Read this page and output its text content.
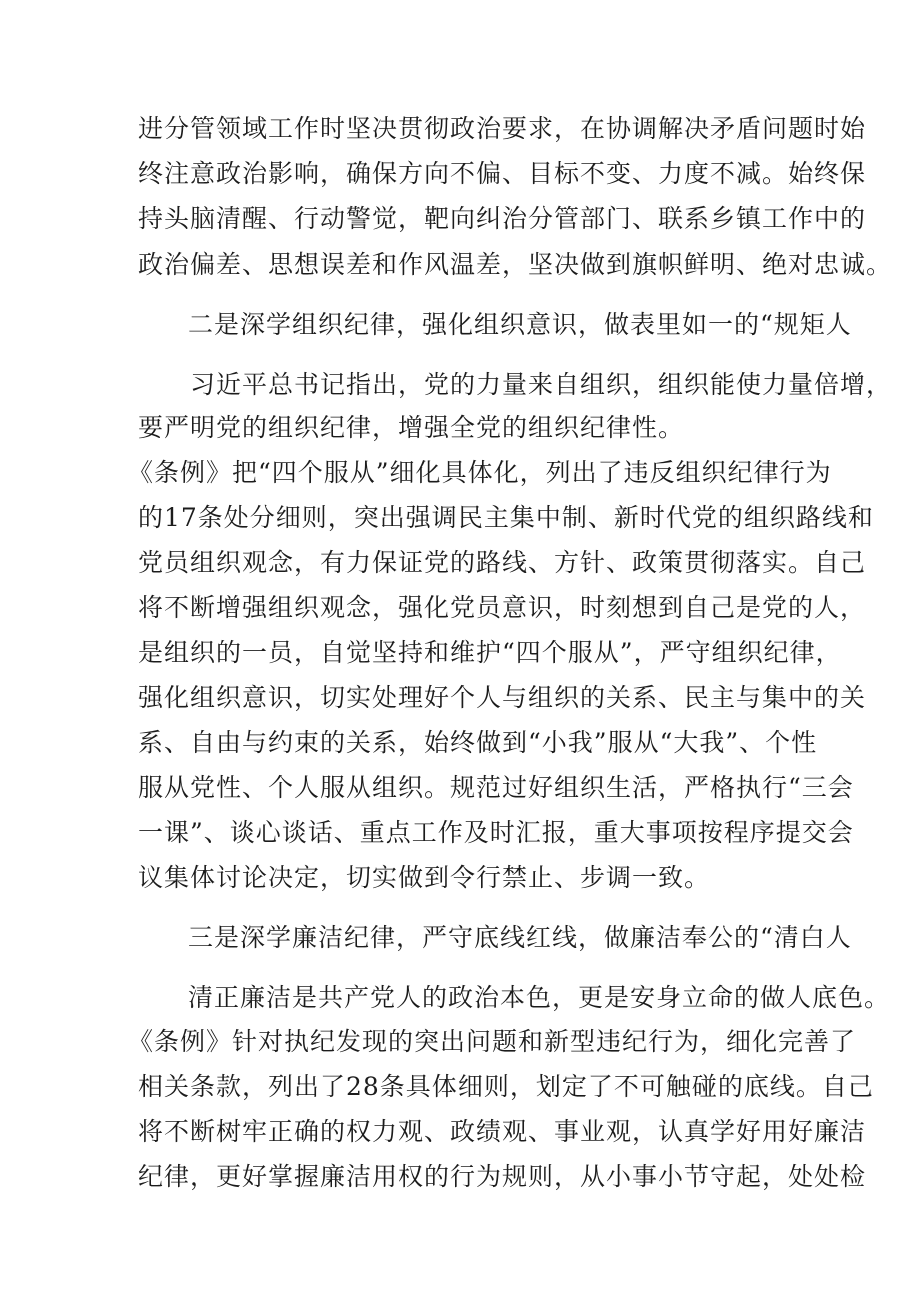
进分管领域工作时坚决贯彻政治要求，在协调解决矛盾问题时始
终注意政治影响，确保方向不偏、目标不变、力度不减。始终保
持头脑清醒、行动警觉，靶向纠治分管部门、联系乡镇工作中的
政治偏差、思想误差和作风温差，坚决做到旗帜鲜明、绝对忠诚。
二是深学组织纪律，强化组织意识，做表里如一的“规矩人
习近平总书记指出，党的力量来自组织，组织能使力量倍增，
要严明党的组织纪律，增强全党的组织纪律性。
《条例》把“四个服从”细化具体化，列出了违反组织纪律行为
的17条处分细则，突出强调民主集中制、新时代党的组织路线和
党员组织观念，有力保证党的路线、方针、政策贯彻落实。自己
将不断增强组织观念，强化党员意识，时刻想到自己是党的人，
是组织的一员，自觉坚持和维护“四个服从”，严守组织纪律，
强化组织意识，切实处理好个人与组织的关系、民主与集中的关
系、自由与约束的关系，始终做到“小我”服从“大我”、个性
服从党性、个人服从组织。规范过好组织生活，严格执行“三会
一课”、谈心谈话、重点工作及时汇报，重大事项按程序提交会
议集体讨论决定，切实做到令行禁止、步调一致。
三是深学廉洁纪律，严守底线红线，做廉洁奉公的“清白人
清正廉洁是共产党人的政治本色，更是安身立命的做人底色。
《条例》针对执纪发现的突出问题和新型违纪行为，细化完善了
相关条款，列出了28条具体细则，划定了不可触碰的底线。自己
将不断树牢正确的权力观、政绩观、事业观，认真学好用好廉洁
纪律，更好掌握廉洁用权的行为规则，从小事小节守起，处处检
